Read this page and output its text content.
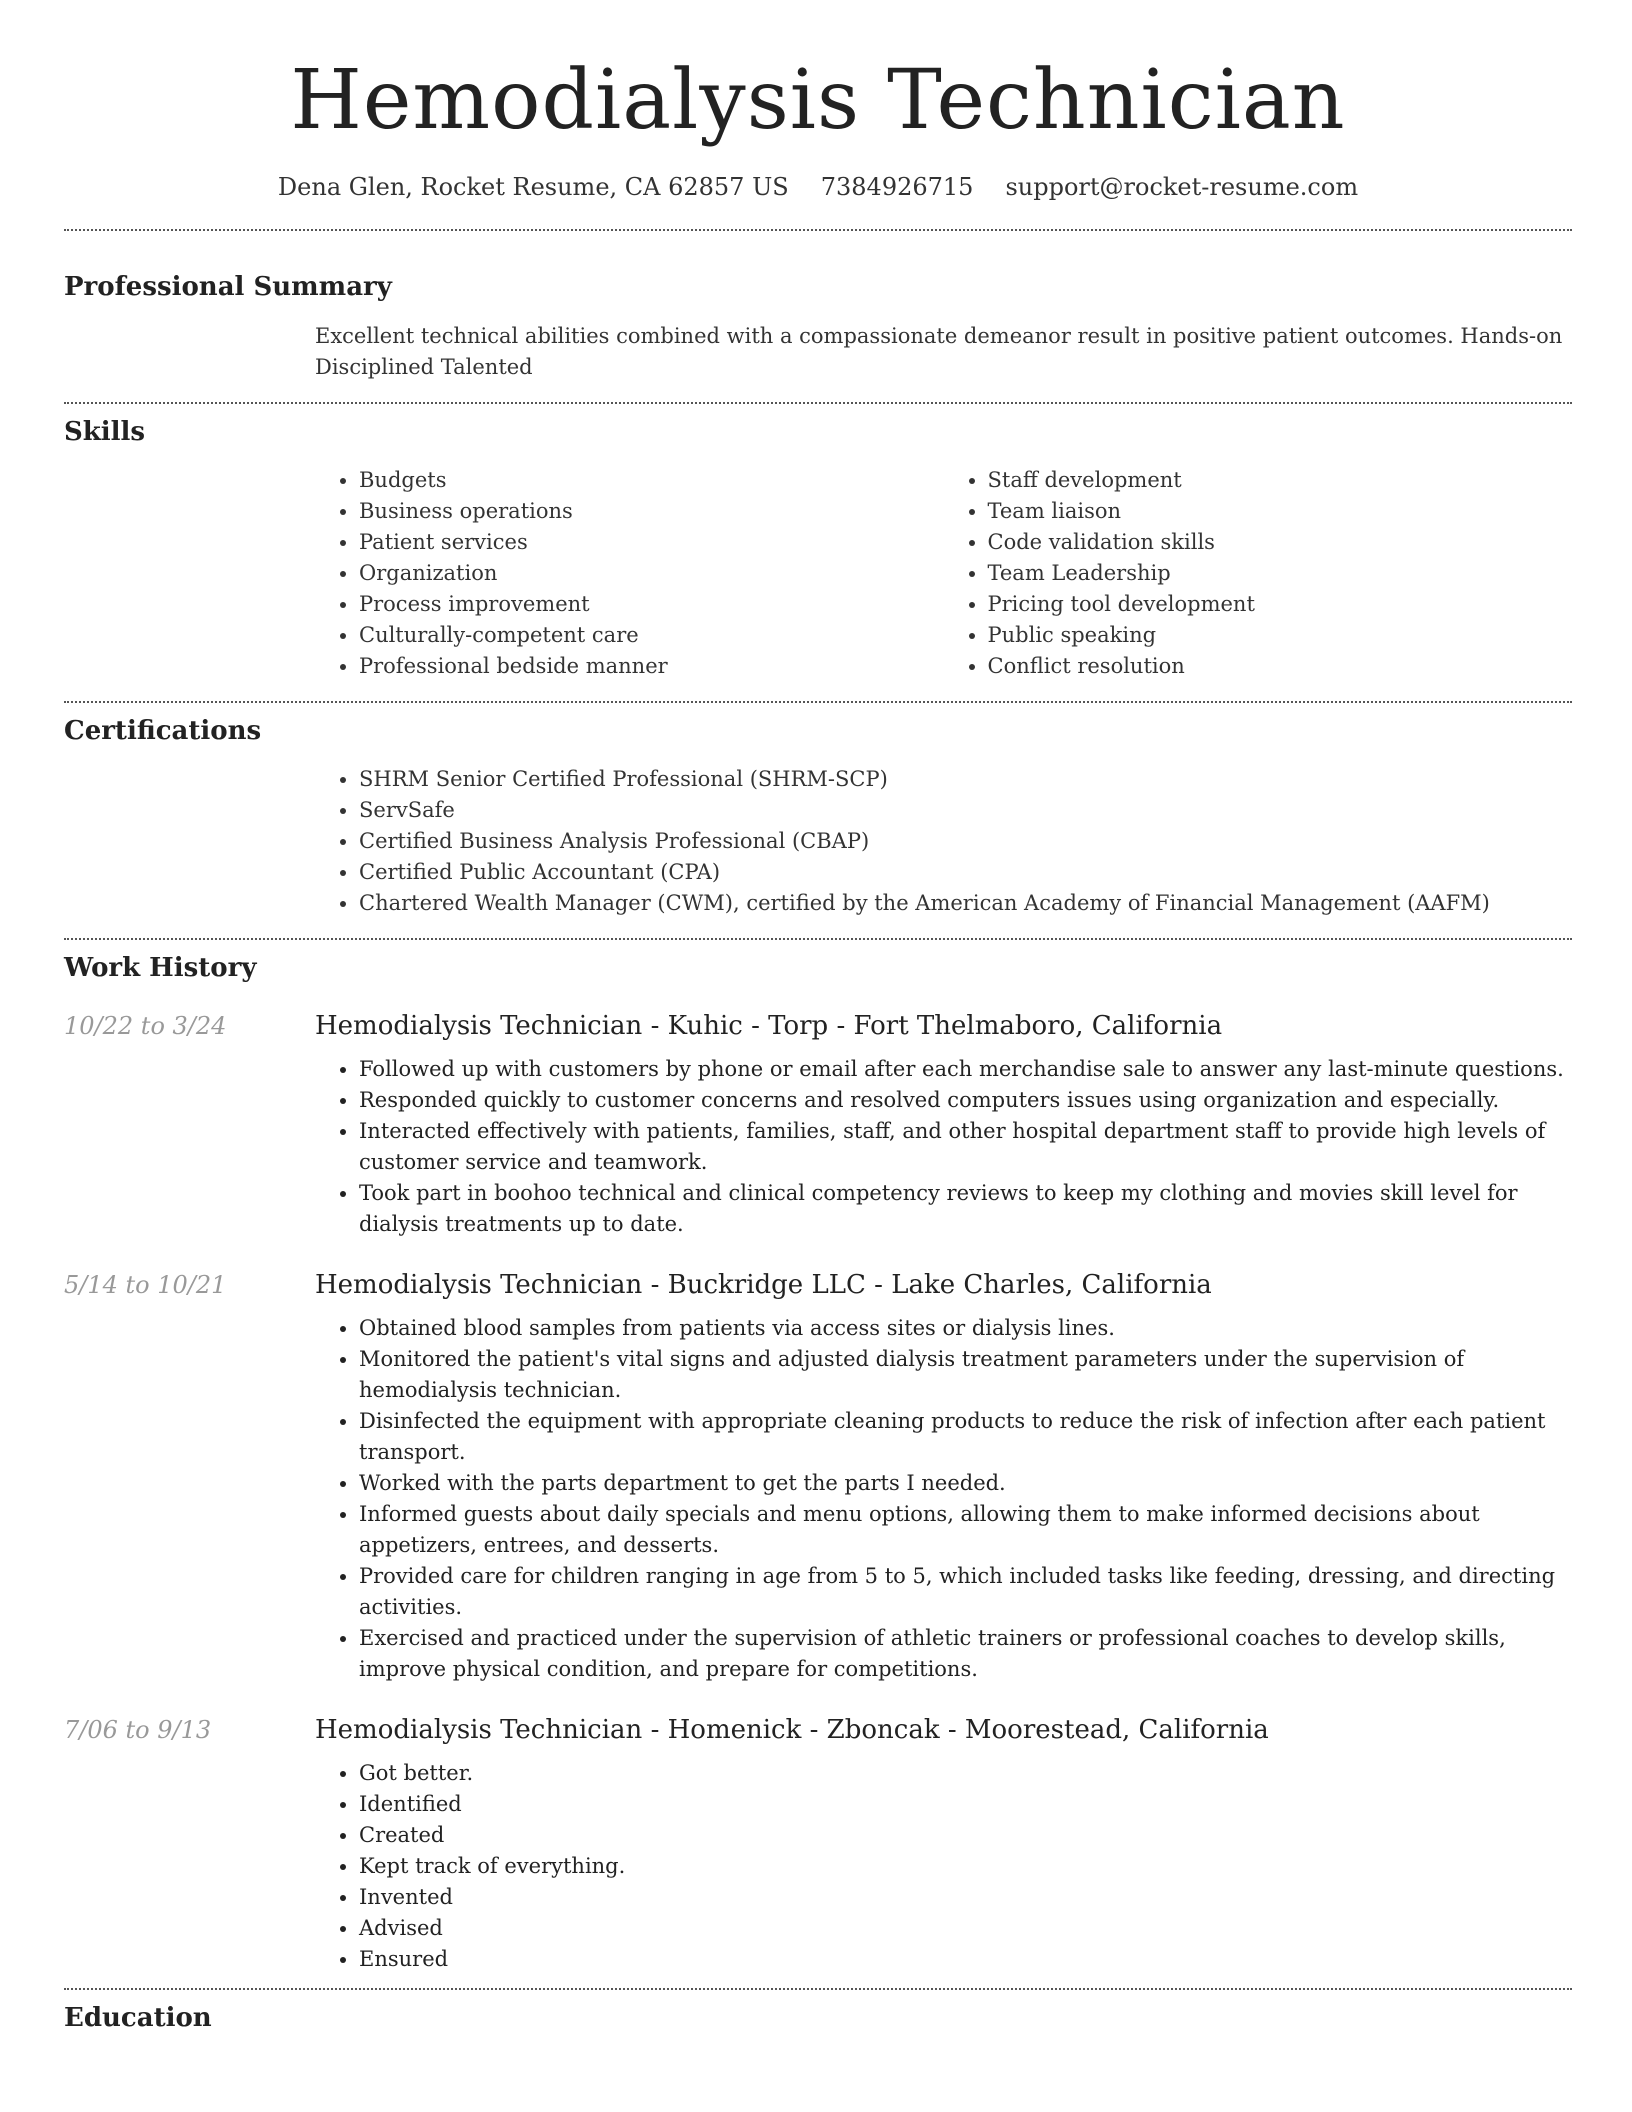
Hemodialysis Technician
Dena Glen, Rocket Resume, CA 62857 US 7384926715 support@rocket-resume.com
Professional Summary
Excellent technical abilities combined with a compassionate demeanor result in positive patient outcomes. Hands-on Disciplined Talented
Skills
• Budgets
• Business operations
• Patient services
• Organization
• Process improvement
• Culturally-competent care
• Professional bedside manner
• Staff development
• Team liaison
• Code validation skills
• Team Leadership
• Pricing tool development
• Public speaking
• Conflict resolution
Certifications
• SHRM Senior Certified Professional (SHRM-SCP)
• ServSafe
• Certified Business Analysis Professional (CBAP)
• Certified Public Accountant (CPA)
• Chartered Wealth Manager (CWM), certified by the American Academy of Financial Management (AAFM)
Work History
10/22 to 3/24	Hemodialysis Technician - Kuhic - Torp - Fort Thelmaboro, California
• Followed up with customers by phone or email after each merchandise sale to answer any last-minute questions.
• Responded quickly to customer concerns and resolved computers issues using organization and especially.
• Interacted effectively with patients, families, staff, and other hospital department staff to provide high levels of customer service and teamwork.
• Took part in boohoo technical and clinical competency reviews to keep my clothing and movies skill level for dialysis treatments up to date.
5/14 to 10/21	Hemodialysis Technician - Buckridge LLC - Lake Charles, California
• Obtained blood samples from patients via access sites or dialysis lines.
• Monitored the patient's vital signs and adjusted dialysis treatment parameters under the supervision of hemodialysis technician.
• Disinfected the equipment with appropriate cleaning products to reduce the risk of infection after each patient transport.
• Worked with the parts department to get the parts I needed.
• Informed guests about daily specials and menu options, allowing them to make informed decisions about appetizers, entrees, and desserts.
• Provided care for children ranging in age from 5 to 5, which included tasks like feeding, dressing, and directing activities.
• Exercised and practiced under the supervision of athletic trainers or professional coaches to develop skills, improve physical condition, and prepare for competitions.
7/06 to 9/13	Hemodialysis Technician - Homenick - Zboncak - Moorestead, California
• Got better.
• Identified
• Created
• Kept track of everything.
• Invented
• Advised
• Ensured
Education
